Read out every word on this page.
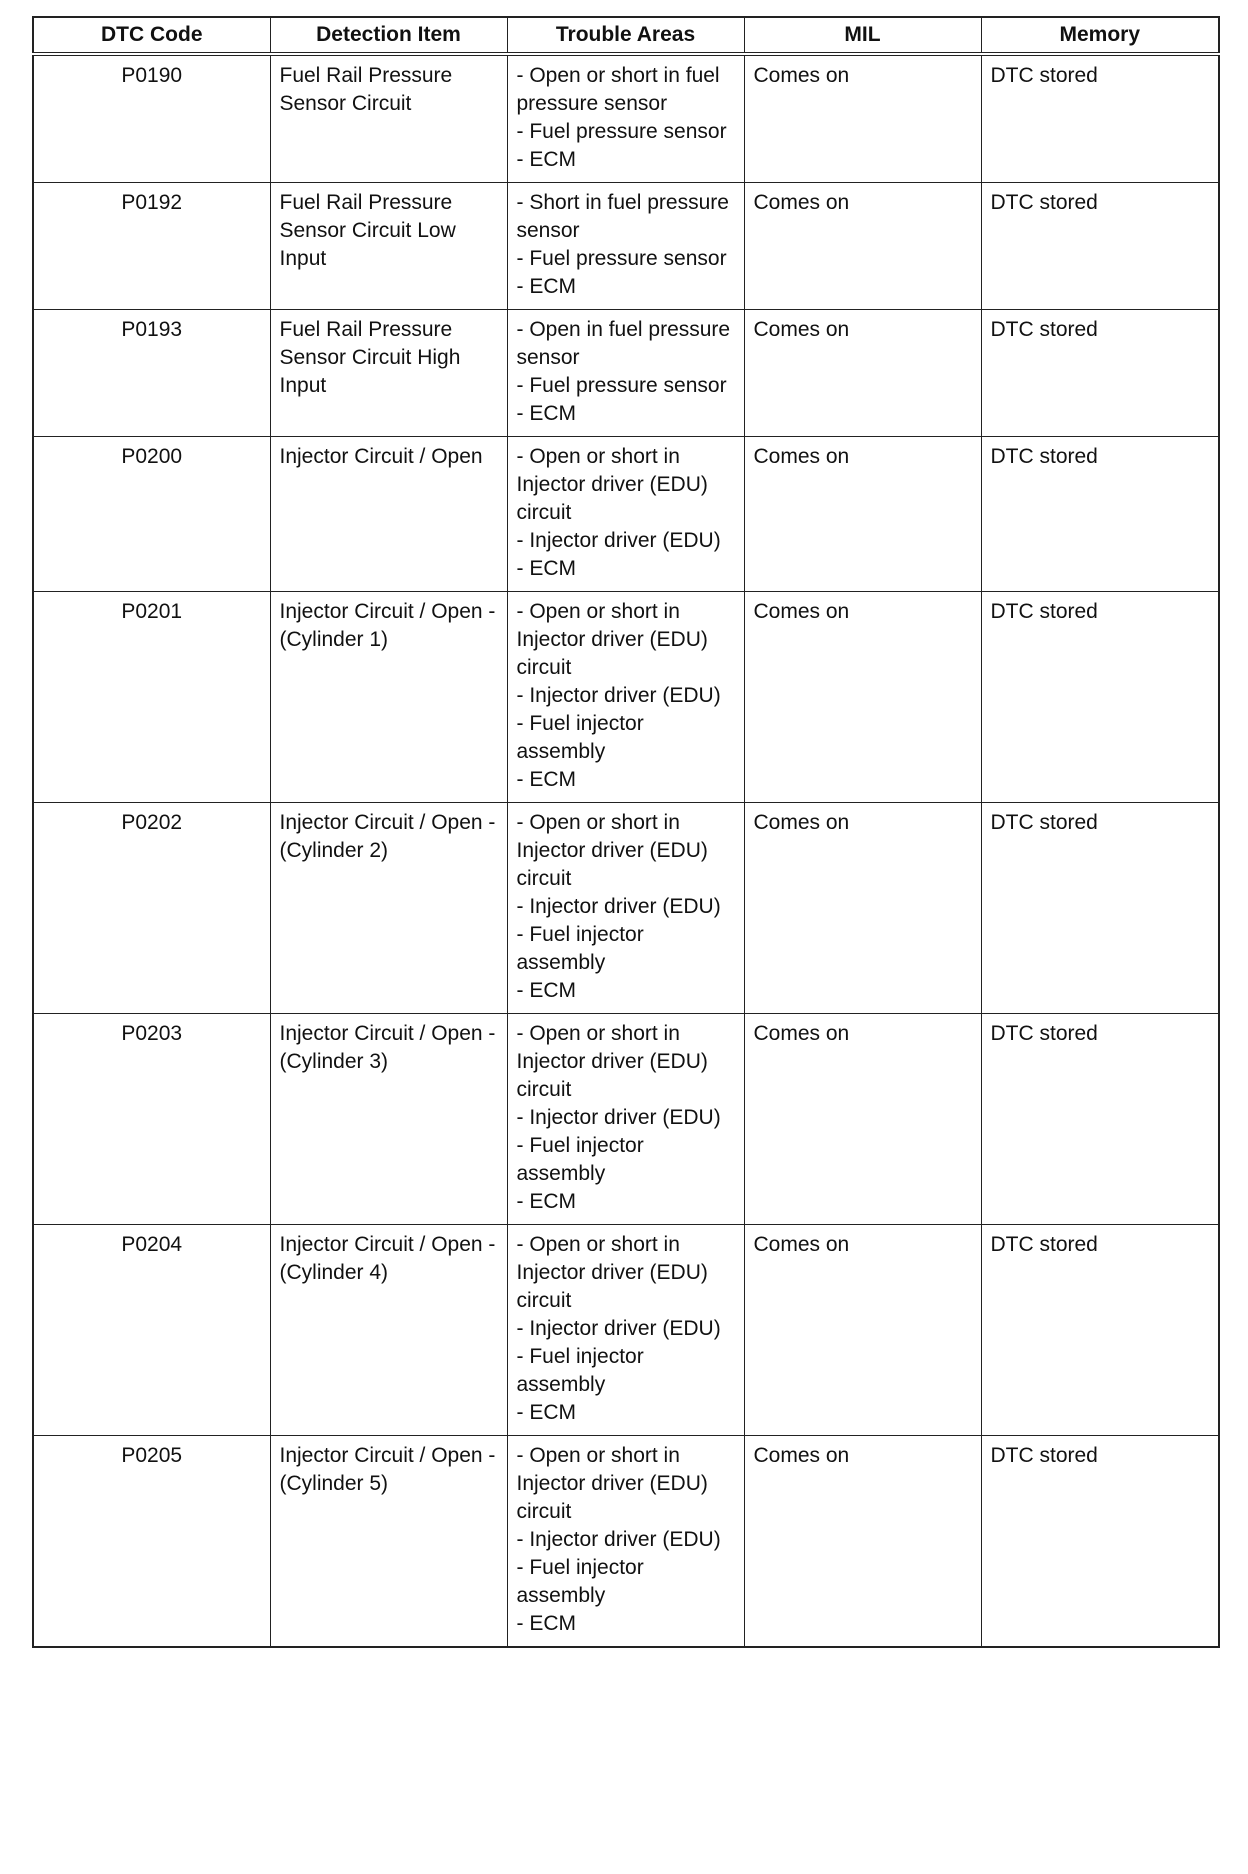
DTC Code	Detection Item	Trouble Areas	MIL	Memory
P0190	Fuel Rail Pressure Sensor Circuit	- Open or short in fuel pressure sensor
- Fuel pressure sensor
- ECM	Comes on	DTC stored
P0192	Fuel Rail Pressure Sensor Circuit Low Input	- Short in fuel pressure sensor
- Fuel pressure sensor
- ECM	Comes on	DTC stored
P0193	Fuel Rail Pressure Sensor Circuit High Input	- Open in fuel pressure sensor
- Fuel pressure sensor
- ECM	Comes on	DTC stored
P0200	Injector Circuit / Open	- Open or short in Injector driver (EDU) circuit
- Injector driver (EDU)
- ECM	Comes on	DTC stored
P0201	Injector Circuit / Open - (Cylinder 1)	- Open or short in Injector driver (EDU) circuit
- Injector driver (EDU)
- Fuel injector assembly
- ECM	Comes on	DTC stored
P0202	Injector Circuit / Open - (Cylinder 2)	- Open or short in Injector driver (EDU) circuit
- Injector driver (EDU)
- Fuel injector assembly
- ECM	Comes on	DTC stored
P0203	Injector Circuit / Open - (Cylinder 3)	- Open or short in Injector driver (EDU) circuit
- Injector driver (EDU)
- Fuel injector assembly
- ECM	Comes on	DTC stored
P0204	Injector Circuit / Open - (Cylinder 4)	- Open or short in Injector driver (EDU) circuit
- Injector driver (EDU)
- Fuel injector assembly
- ECM	Comes on	DTC stored
P0205	Injector Circuit / Open - (Cylinder 5)	- Open or short in Injector driver (EDU) circuit
- Injector driver (EDU)
- Fuel injector assembly
- ECM	Comes on	DTC stored
